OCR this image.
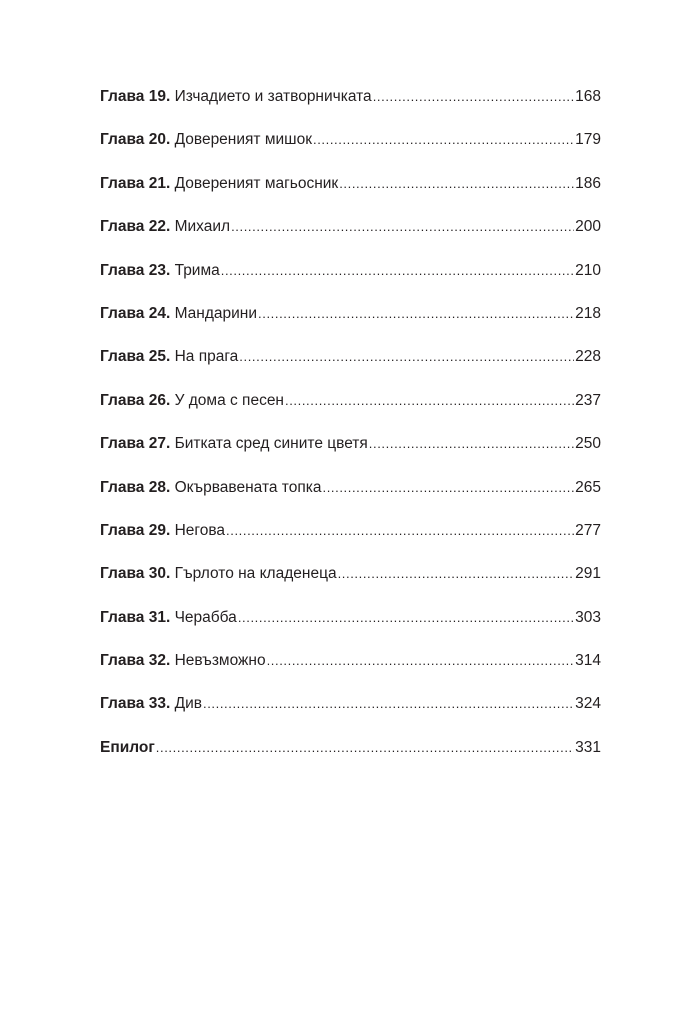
Глава 19. Изчадието и затворничката .....	168
Глава 20. Довереният мишок .....	179
Глава 21. Довереният магьосник .....	186
Глава 22. Михаил .....	200
Глава 23. Трима .....	210
Глава 24. Мандарини .....	218
Глава 25. На прага .....	228
Глава 26. У дома с песен .....	237
Глава 27. Битката сред сините цветя .....	250
Глава 28. Окървавената топка .....	265
Глава 29. Негова .....	277
Глава 30. Гърлото на кладенеца .....	291
Глава 31. Черабба .....	303
Глава 32. Невъзможно .....	314
Глава 33. Див .....	324
Епилог .....	331
